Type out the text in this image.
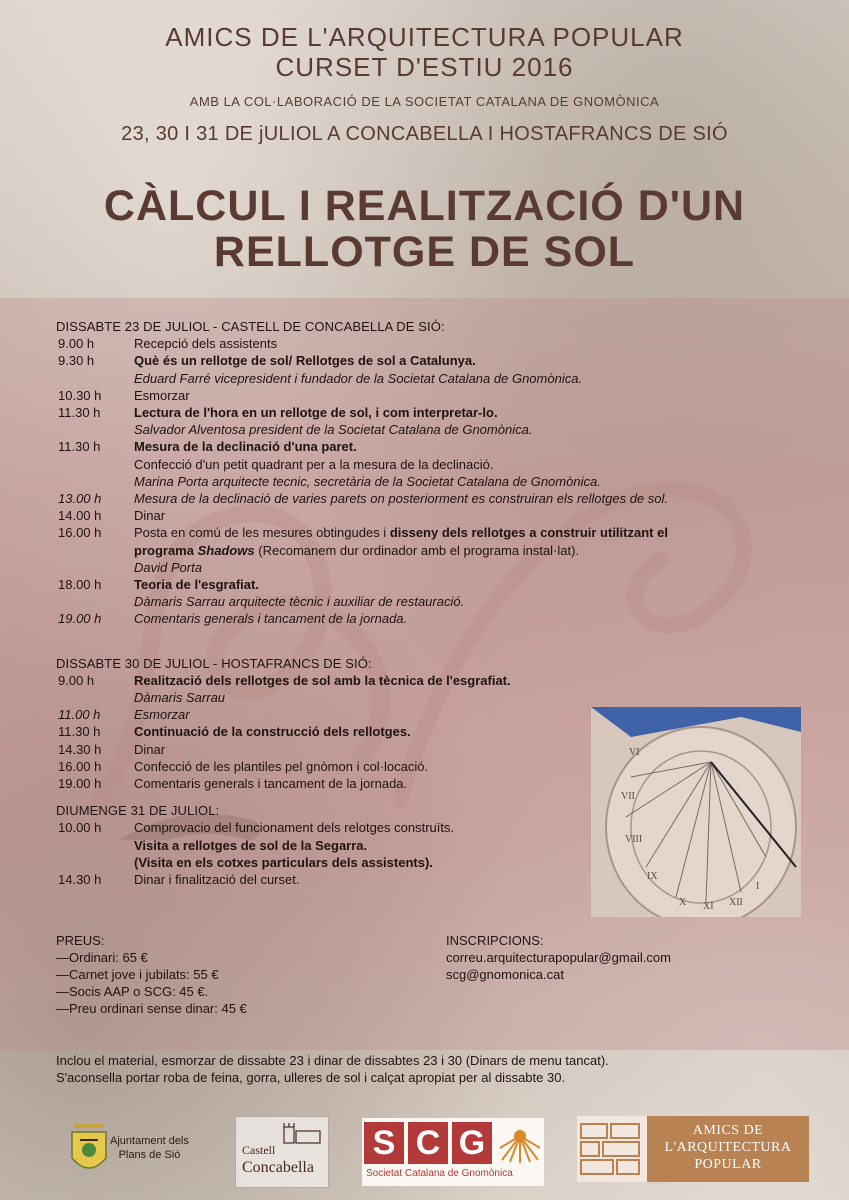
AMICS DE L'ARQUITECTURA POPULAR
CURSET D'ESTIU 2016
AMB LA COL·LABORACIÓ DE LA SOCIETAT CATALANA DE GNOMÒNICA
23, 30 I 31 DE jULIOL A CONCABELLA I HOSTAFRANCS DE SIÓ
CÀLCUL I REALITZACIÓ D'UN
RELLOTGE DE SOL
DISSABTE 23 DE JULIOL - CASTELL DE CONCABELLA DE SIÓ:
9.00 h	Recepció dels assistents
9.30 h	Què és un rellotge de sol/ Rellotges de sol a Catalunya.
Eduard Farré vicepresident i fundador de la Societat Catalana de Gnomònica.
10.30 h	Esmorzar
11.30 h	Lectura de l'hora en un rellotge de sol, i com interpretar-lo.
Salvador Alventosa president de la Societat Catalana de Gnomònica.
11.30 h	Mesura de la declinació d'una paret.
Confecció d'un petit quadrant per a la mesura de la declinació.
Marina Porta arquitecte tecnic, secretària de la Societat Catalana de Gnomònica.
13.00 h	Mesura de la declinació de varies parets on posteriorment es construiran els rellotges de sol.
14.00 h	Dinar
16.00 h	Posta en comú de les mesures obtingudes i disseny dels rellotges a construir utilitzant el
programa Shadows (Recomanem dur ordinador amb el programa instal·lat).
David Porta
18.00 h	Teoria de l'esgrafiat.
Dàmaris Sarrau arquitecte tècnic i auxiliar de restauració.
19.00 h	Comentaris generals i tancament de la jornada.
DISSABTE 30 DE JULIOL - HOSTAFRANCS DE SIÓ:
9.00 h	Realització dels rellotges de sol amb la tècnica de l'esgrafiat.
Dàmaris Sarrau
11.00 h	Esmorzar
11.30 h	Continuació de la construcció dels rellotges.
14.30 h	Dinar
16.00 h	Confecció de les plantiles pel gnòmon i col·locació.
19.00 h	Comentaris generals i tancament de la jornada.
DIUMENGE 31 DE JULIOL:
10.00 h	Comprovacio del funcionament dels relotges construïts.
Visita a rellotges de sol de la Segarra.
(Visita en els cotxes particulars dels assistents).
14.30 h	Dinar i finalització del curset.
VI
VII
VIII
IX
X XI XII
I
PREUS:
—Ordinari: 65 €
—Carnet jove i jubilats: 55 €
—Socis AAP o SCG: 45 €.
—Preu ordinari sense dinar: 45 €
INSCRIPCIONS:
correu.arquitecturapopular@gmail.com
scg@gnomonica.cat
Inclou el material, esmorzar de dissabte 23 i dinar de dissabtes 23 i 30 (Dinars de menu tancat).
S'aconsella portar roba de feina, gorra, ulleres de sol i calçat apropiat per al dissabte 30.
Ajuntament dels
Plans de Sió	Castell
Concabella
S C G
Societat Catalana de Gnomònica
AMICS DE
L'ARQUITECTURA
POPULAR
